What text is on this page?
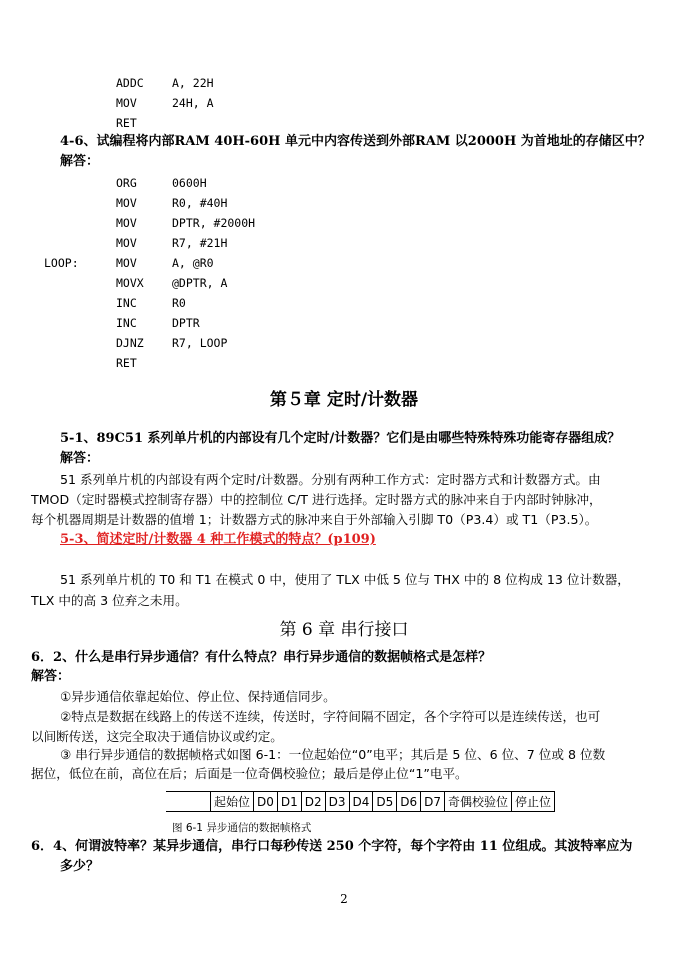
ADDC A, 22H
MOV	24H, A
RET
4-6、试编程将内部RAM 40H-60H 单元中内容传送到外部RAM 以2000H 为首地址的存储区中？
解答：
ORG	0600H
MOV	R0, #40H
MOV	DPTR, #2000H
MOV	R7, #21H
LOOP:	MOV	A, @R0
MOVX @DPTR, A
INC	R0
INC	DPTR
DJNZ R7, LOOP
RET
第５章 定时/计数器
5-1、89C51 系列单片机的内部设有几个定时/计数器？它们是由哪些特殊特殊功能寄存器组成？
解答：
51 系列单片机的内部设有两个定时/计数器。分别有两种工作方式：定时器方式和计数器方式。由
TMOD（定时器模式控制寄存器）中的控制位 C/T 进行选择。定时器方式的脉冲来自于内部时钟脉冲，
每个机器周期是计数器的值增 1；计数器方式的脉冲来自于外部输入引脚 T0（P3.4）或 T1（P3.5）。
5-3、简述定时/计数器 4 种工作模式的特点？(p109)
51 系列单片机的 T0 和 T1 在模式 0 中，使用了 TLX 中低 5 位与 THX 中的 8 位构成 13 位计数器，
TLX 中的高 3 位弃之未用。
第 6 章 串行接口
6．2、什么是串行异步通信？有什么特点？串行异步通信的数据帧格式是怎样？
解答：
①异步通信依靠起始位、停止位、保持通信同步。
②特点是数据在线路上的传送不连续，传送时，字符间隔不固定，各个字符可以是连续传送，也可
以间断传送，这完全取决于通信协议或约定。
③ 串行异步通信的数据帧格式如图 6-1：一位起始位“0”电平；其后是 5 位、6 位、7 位或 8 位数
据位，低位在前，高位在后；后面是一位奇偶校验位；最后是停止位“1”电平。
	起始位	D0	D1	D2	D3	D4	D5	D6	D7	奇偶校验位	停止位
图 6-1 异步通信的数据帧格式
6．4、何谓波特率？某异步通信，串行口每秒传送 250 个字符，每个字符由 11 位组成。其波特率应为
多少？
2
